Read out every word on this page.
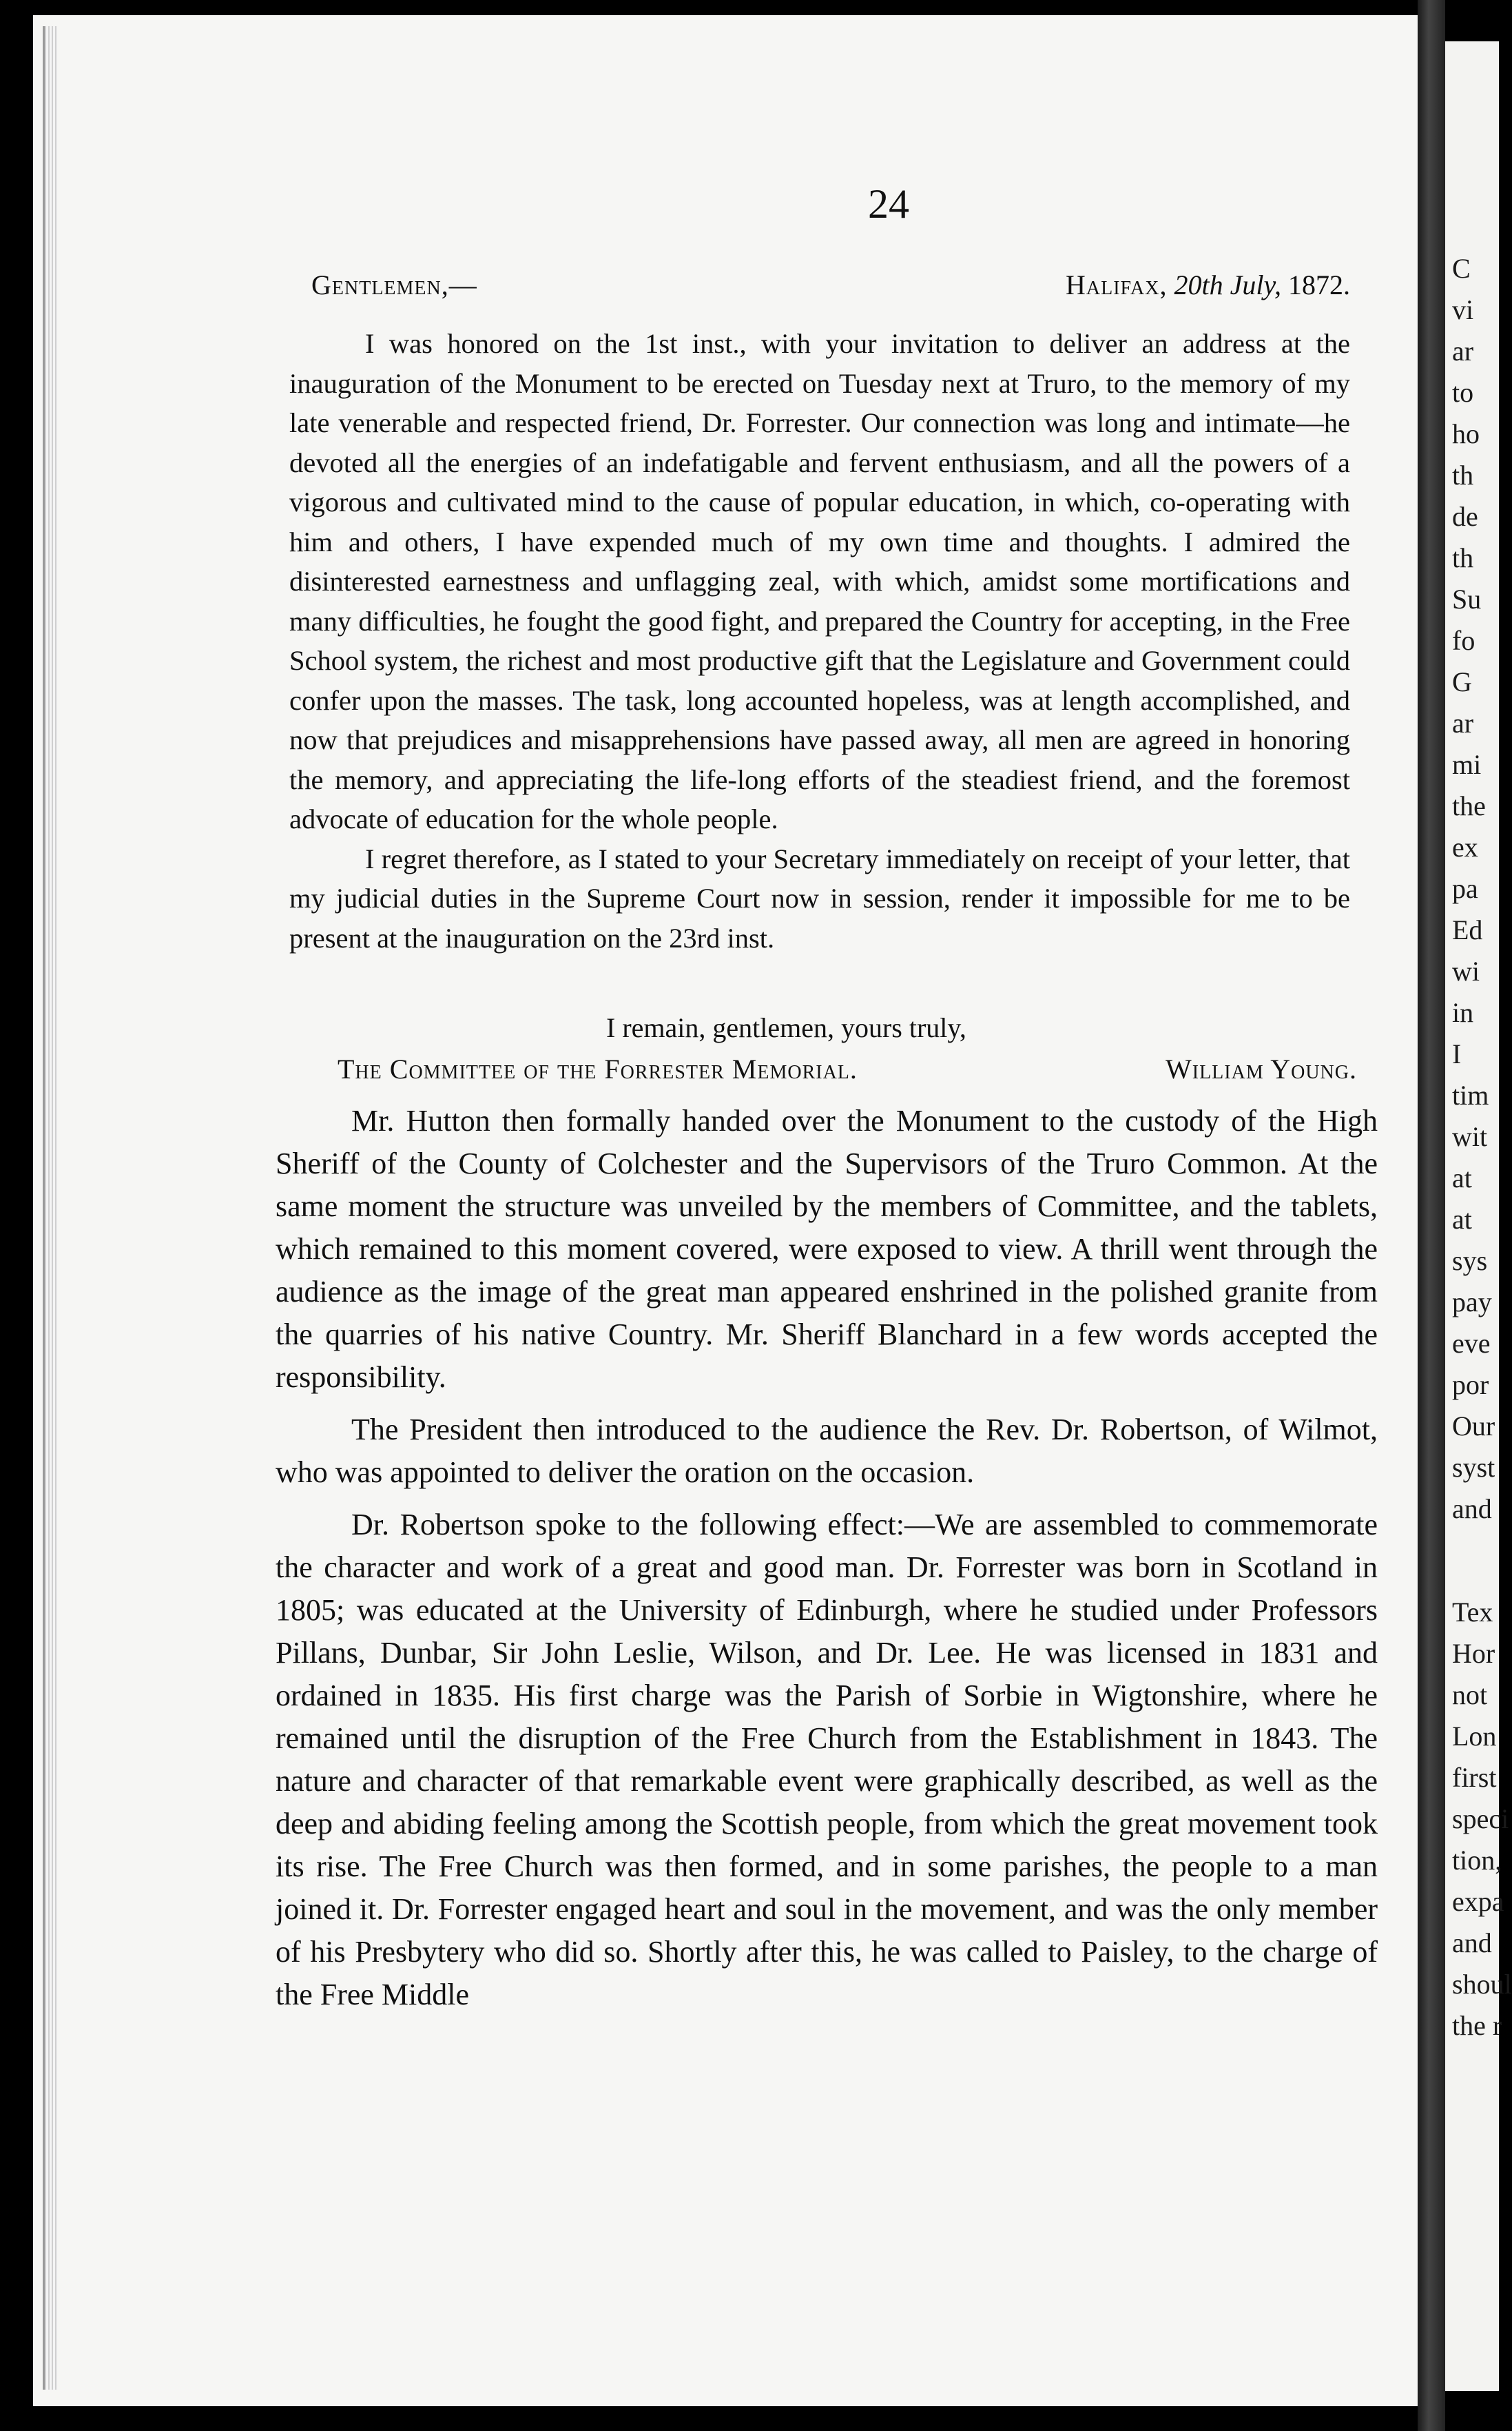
C
vi
ar
to
ho
th
de
th
Su
fo
G
ar
mi
the
ex
pa
Ed
wi
in
I
tim
wit
at
at
sys
pay
eve
por
Our
syst
and
Tex
Hor
not
Lon
first
speci
tion,
expa
and
shoul
the r
24
Gentlemen,—	Halifax, 20th July, 1872.

I was honored on the 1st inst., with your invitation to deliver an address at the inauguration of the Monument to be erected on Tuesday next at Truro, to the memory of my late venerable and respected friend, Dr. Forrester. Our connection was long and intimate—he devoted all the energies of an indefatigable and fervent enthusiasm, and all the powers of a vigorous and cultivated mind to the cause of popular education, in which, co-operating with him and others, I have expended much of my own time and thoughts. I admired the disinterested earnestness and unflagging zeal, with which, amidst some mortifications and many difficulties, he fought the good fight, and prepared the Country for accepting, in the Free School system, the richest and most productive gift that the Legislature and Government could confer upon the masses. The task, long accounted hopeless, was at length accomplished, and now that prejudices and misapprehensions have passed away, all men are agreed in honoring the memory, and appreciating the life-long efforts of the steadiest friend, and the foremost advocate of education for the whole people.

I regret therefore, as I stated to your Secretary immediately on receipt of your letter, that my judicial duties in the Supreme Court now in session, render it impossible for me to be present at the inauguration on the 23rd inst.

I remain, gentlemen, yours truly,
The Committee of the Forrester Memorial.	William Young.

Mr. Hutton then formally handed over the Monument to the custody of the High Sheriff of the County of Colchester and the Supervisors of the Truro Common. At the same moment the structure was unveiled by the members of Committee, and the tablets, which remained to this moment covered, were exposed to view. A thrill went through the audience as the image of the great man appeared enshrined in the polished granite from the quarries of his native Country. Mr. Sheriff Blanchard in a few words accepted the responsibility.

The President then introduced to the audience the Rev. Dr. Robertson, of Wilmot, who was appointed to deliver the oration on the occasion.

Dr. Robertson spoke to the following effect:—We are assembled to commemorate the character and work of a great and good man. Dr. Forrester was born in Scotland in 1805; was educated at the University of Edinburgh, where he studied under Professors Pillans, Dunbar, Sir John Leslie, Wilson, and Dr. Lee. He was licensed in 1831 and ordained in 1835. His first charge was the Parish of Sorbie in Wigtonshire, where he remained until the disruption of the Free Church from the Establishment in 1843. The nature and character of that remarkable event were graphically described, as well as the deep and abiding feeling among the Scottish people, from which the great movement took its rise. The Free Church was then formed, and in some parishes, the people to a man joined it. Dr. Forrester engaged heart and soul in the movement, and was the only member of his Presbytery who did so. Shortly after this, he was called to Paisley, to the charge of the Free Middle
